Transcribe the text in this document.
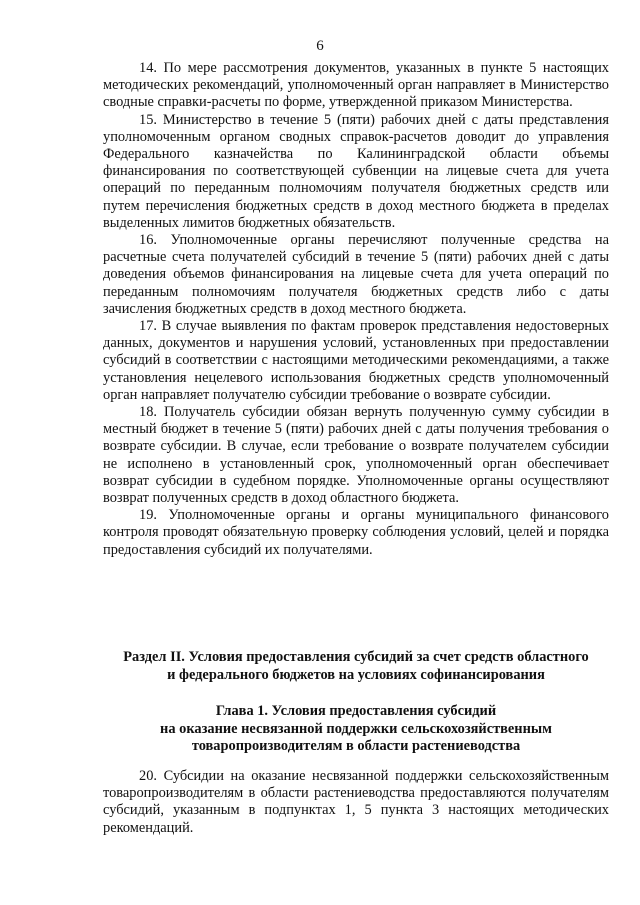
6

14. По мере рассмотрения документов, указанных в пункте 5 настоящих методических рекомендаций, уполномоченный орган направляет в Министерство сводные справки-расчеты по форме, утвержденной приказом Министерства.

15. Министерство в течение 5 (пяти) рабочих дней с даты представления уполномоченным органом сводных справок-расчетов доводит до управления Федерального казначейства по Калининградской области объемы финансирования по соответствующей субвенции на лицевые счета для учета операций по переданным полномочиям получателя бюджетных средств или путем перечисления бюджетных средств в доход местного бюджета в пределах выделенных лимитов бюджетных обязательств.

16. Уполномоченные органы перечисляют полученные средства на расчетные счета получателей субсидий в течение 5 (пяти) рабочих дней с даты доведения объемов финансирования на лицевые счета для учета операций по переданным полномочиям получателя бюджетных средств либо с даты зачисления бюджетных средств в доход местного бюджета.

17. В случае выявления по фактам проверок представления недостоверных данных, документов и нарушения условий, установленных при предоставлении субсидий в соответствии с настоящими методическими рекомендациями, а также установления нецелевого использования бюджетных средств уполномоченный орган направляет получателю субсидии требование о возврате субсидии.

18. Получатель субсидии обязан вернуть полученную сумму субсидии в местный бюджет в течение 5 (пяти) рабочих дней с даты получения требования о возврате субсидии. В случае, если требование о возврате получателем субсидии не исполнено в установленный срок, уполномоченный орган обеспечивает возврат субсидии в судебном порядке. Уполномоченные органы осуществляют возврат полученных средств в доход областного бюджета.

19. Уполномоченные органы и органы муниципального финансового контроля проводят обязательную проверку соблюдения условий, целей и порядка предоставления субсидий их получателями.

Раздел II. Условия предоставления субсидий за счет средств областного
и федерального бюджетов на условиях софинансирования
Глава 1. Условия предоставления субсидий
на оказание несвязанной поддержки сельскохозяйственным
товаропроизводителям в области растениеводства

20. Субсидии на оказание несвязанной поддержки сельскохозяйственным товаропроизводителям в области растениеводства предоставляются получателям субсидий, указанным в подпунктах 1, 5 пункта 3 настоящих методических рекомендаций.
